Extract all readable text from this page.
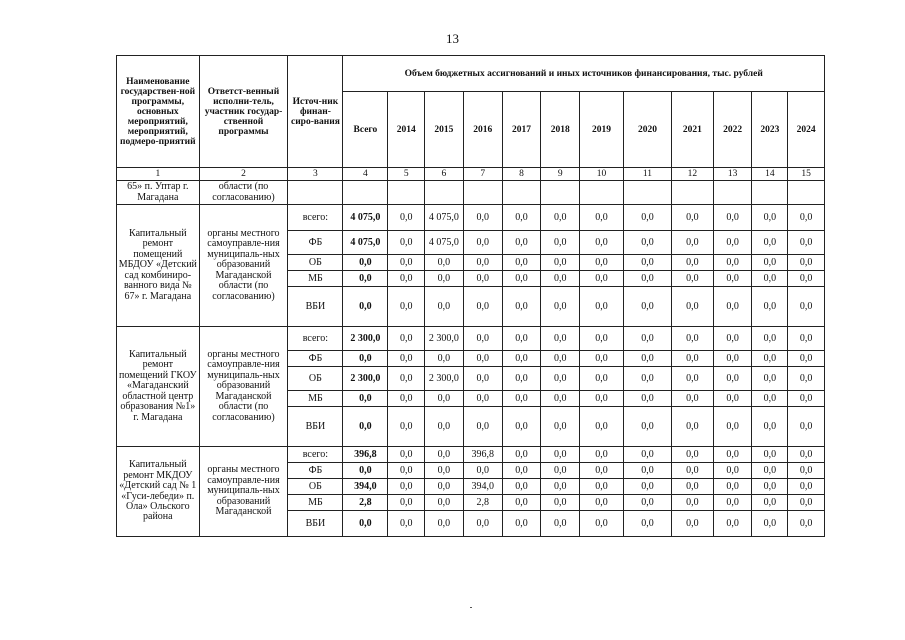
13
Наименование государствен-ной программы, основных мероприятий, мероприятий, подмеро-приятий	Ответст-венный исполни-тель, участник государ-ственной программы	Источ-ник финан-сиро-вания	Объем бюджетных ассигнований и иных источников финансирования, тыс. рублей											
			Всего	2014	2015	2016	2017	2018	2019	2020	2021	2022	2023	2024
1	2	3	4	5	6	7	8	9	10	11	12	13	14	15
65» п. Уптар г. Магадана	области (по согласованию)													
Капитальный ремонт помещений МБДОУ «Детский сад комбиниро-ванного вида № 67» г. Магадана	органы местного самоуправле-ния муниципаль-ных образований Магаданской области (по согласованию)	всего:	4 075,0	0,0	4 075,0	0,0	0,0	0,0	0,0	0,0	0,0	0,0	0,0	0,0
		ФБ	4 075,0	0,0	4 075,0	0,0	0,0	0,0	0,0	0,0	0,0	0,0	0,0	0,0
		ОБ	0,0	0,0	0,0	0,0	0,0	0,0	0,0	0,0	0,0	0,0	0,0	0,0
		МБ	0,0	0,0	0,0	0,0	0,0	0,0	0,0	0,0	0,0	0,0	0,0	0,0
		ВБИ	0,0	0,0	0,0	0,0	0,0	0,0	0,0	0,0	0,0	0,0	0,0	0,0
Капитальный ремонт помещений ГКОУ «Магаданский областной центр образования №1» г. Магадана	органы местного самоуправле-ния муниципаль-ных образований Магаданской области (по согласованию)	всего:	2 300,0	0,0	2 300,0	0,0	0,0	0,0	0,0	0,0	0,0	0,0	0,0	0,0
		ФБ	0,0	0,0	0,0	0,0	0,0	0,0	0,0	0,0	0,0	0,0	0,0	0,0
		ОБ	2 300,0	0,0	2 300,0	0,0	0,0	0,0	0,0	0,0	0,0	0,0	0,0	0,0
		МБ	0,0	0,0	0,0	0,0	0,0	0,0	0,0	0,0	0,0	0,0	0,0	0,0
		ВБИ	0,0	0,0	0,0	0,0	0,0	0,0	0,0	0,0	0,0	0,0	0,0	0,0
Капитальный ремонт МКДОУ «Детский сад № 1 «Гуси-лебеди» п. Ола» Ольского района	органы местного самоуправле-ния муниципаль-ных образований Магаданской	всего:	396,8	0,0	0,0	396,8	0,0	0,0	0,0	0,0	0,0	0,0	0,0	0,0
		ФБ	0,0	0,0	0,0	0,0	0,0	0,0	0,0	0,0	0,0	0,0	0,0	0,0
		ОБ	394,0	0,0	0,0	394,0	0,0	0,0	0,0	0,0	0,0	0,0	0,0	0,0
		МБ	2,8	0,0	0,0	2,8	0,0	0,0	0,0	0,0	0,0	0,0	0,0	0,0
		ВБИ	0,0	0,0	0,0	0,0	0,0	0,0	0,0	0,0	0,0	0,0	0,0	0,0
